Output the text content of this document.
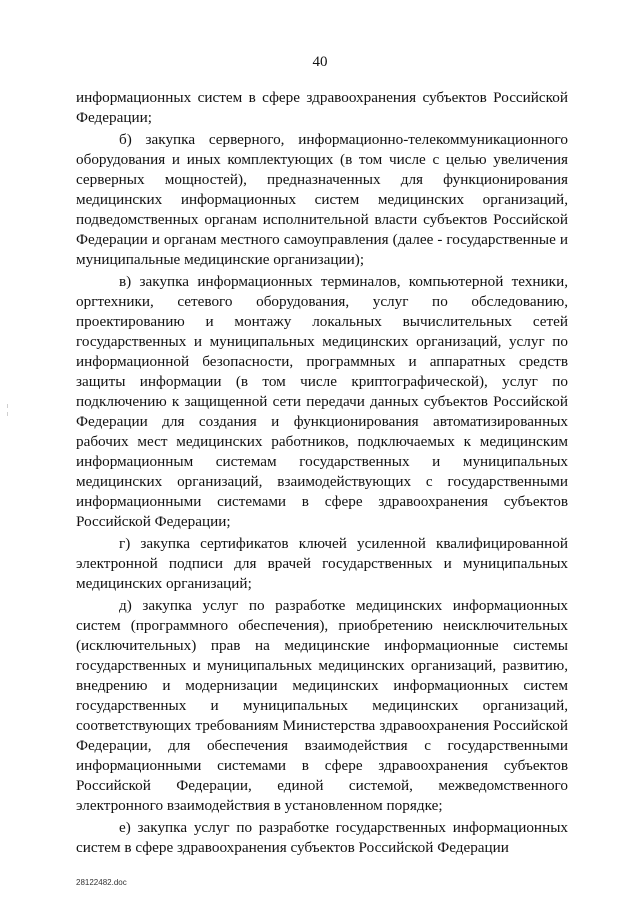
40

информационных систем в сфере здравоохранения субъектов Российской Федерации;

б) закупка серверного, информационно-телекоммуникационного оборудования и иных комплектующих (в том числе с целью увеличения серверных мощностей), предназначенных для функционирования медицинских информационных систем медицинских организаций, подведомственных органам исполнительной власти субъектов Российской Федерации и органам местного самоуправления (далее - государственные и муниципальные медицинские организации);

в) закупка информационных терминалов, компьютерной техники, оргтехники, сетевого оборудования, услуг по обследованию, проектированию и монтажу локальных вычислительных сетей государственных и муниципальных медицинских организаций, услуг по информационной безопасности, программных и аппаратных средств защиты информации (в том числе криптографической), услуг по подключению к защищенной сети передачи данных субъектов Российской Федерации для создания и функционирования автоматизированных рабочих мест медицинских работников, подключаемых к медицинским информационным системам государственных и муниципальных медицинских организаций, взаимодействующих с государственными информационными системами в сфере здравоохранения субъектов Российской Федерации;

г) закупка сертификатов ключей усиленной квалифицированной электронной подписи для врачей государственных и муниципальных медицинских организаций;

д) закупка услуг по разработке медицинских информационных систем (программного обеспечения), приобретению неисключительных (исключительных) прав на медицинские информационные системы государственных и муниципальных медицинских организаций, развитию, внедрению и модернизации медицинских информационных систем государственных и муниципальных медицинских организаций, соответствующих требованиям Министерства здравоохранения Российской Федерации, для обеспечения взаимодействия с государственными информационными системами в сфере здравоохранения субъектов Российской Федерации, единой системой, межведомственного электронного взаимодействия в установленном порядке;

е) закупка услуг по разработке государственных информационных систем в сфере здравоохранения субъектов Российской Федерации

28122482.doc
